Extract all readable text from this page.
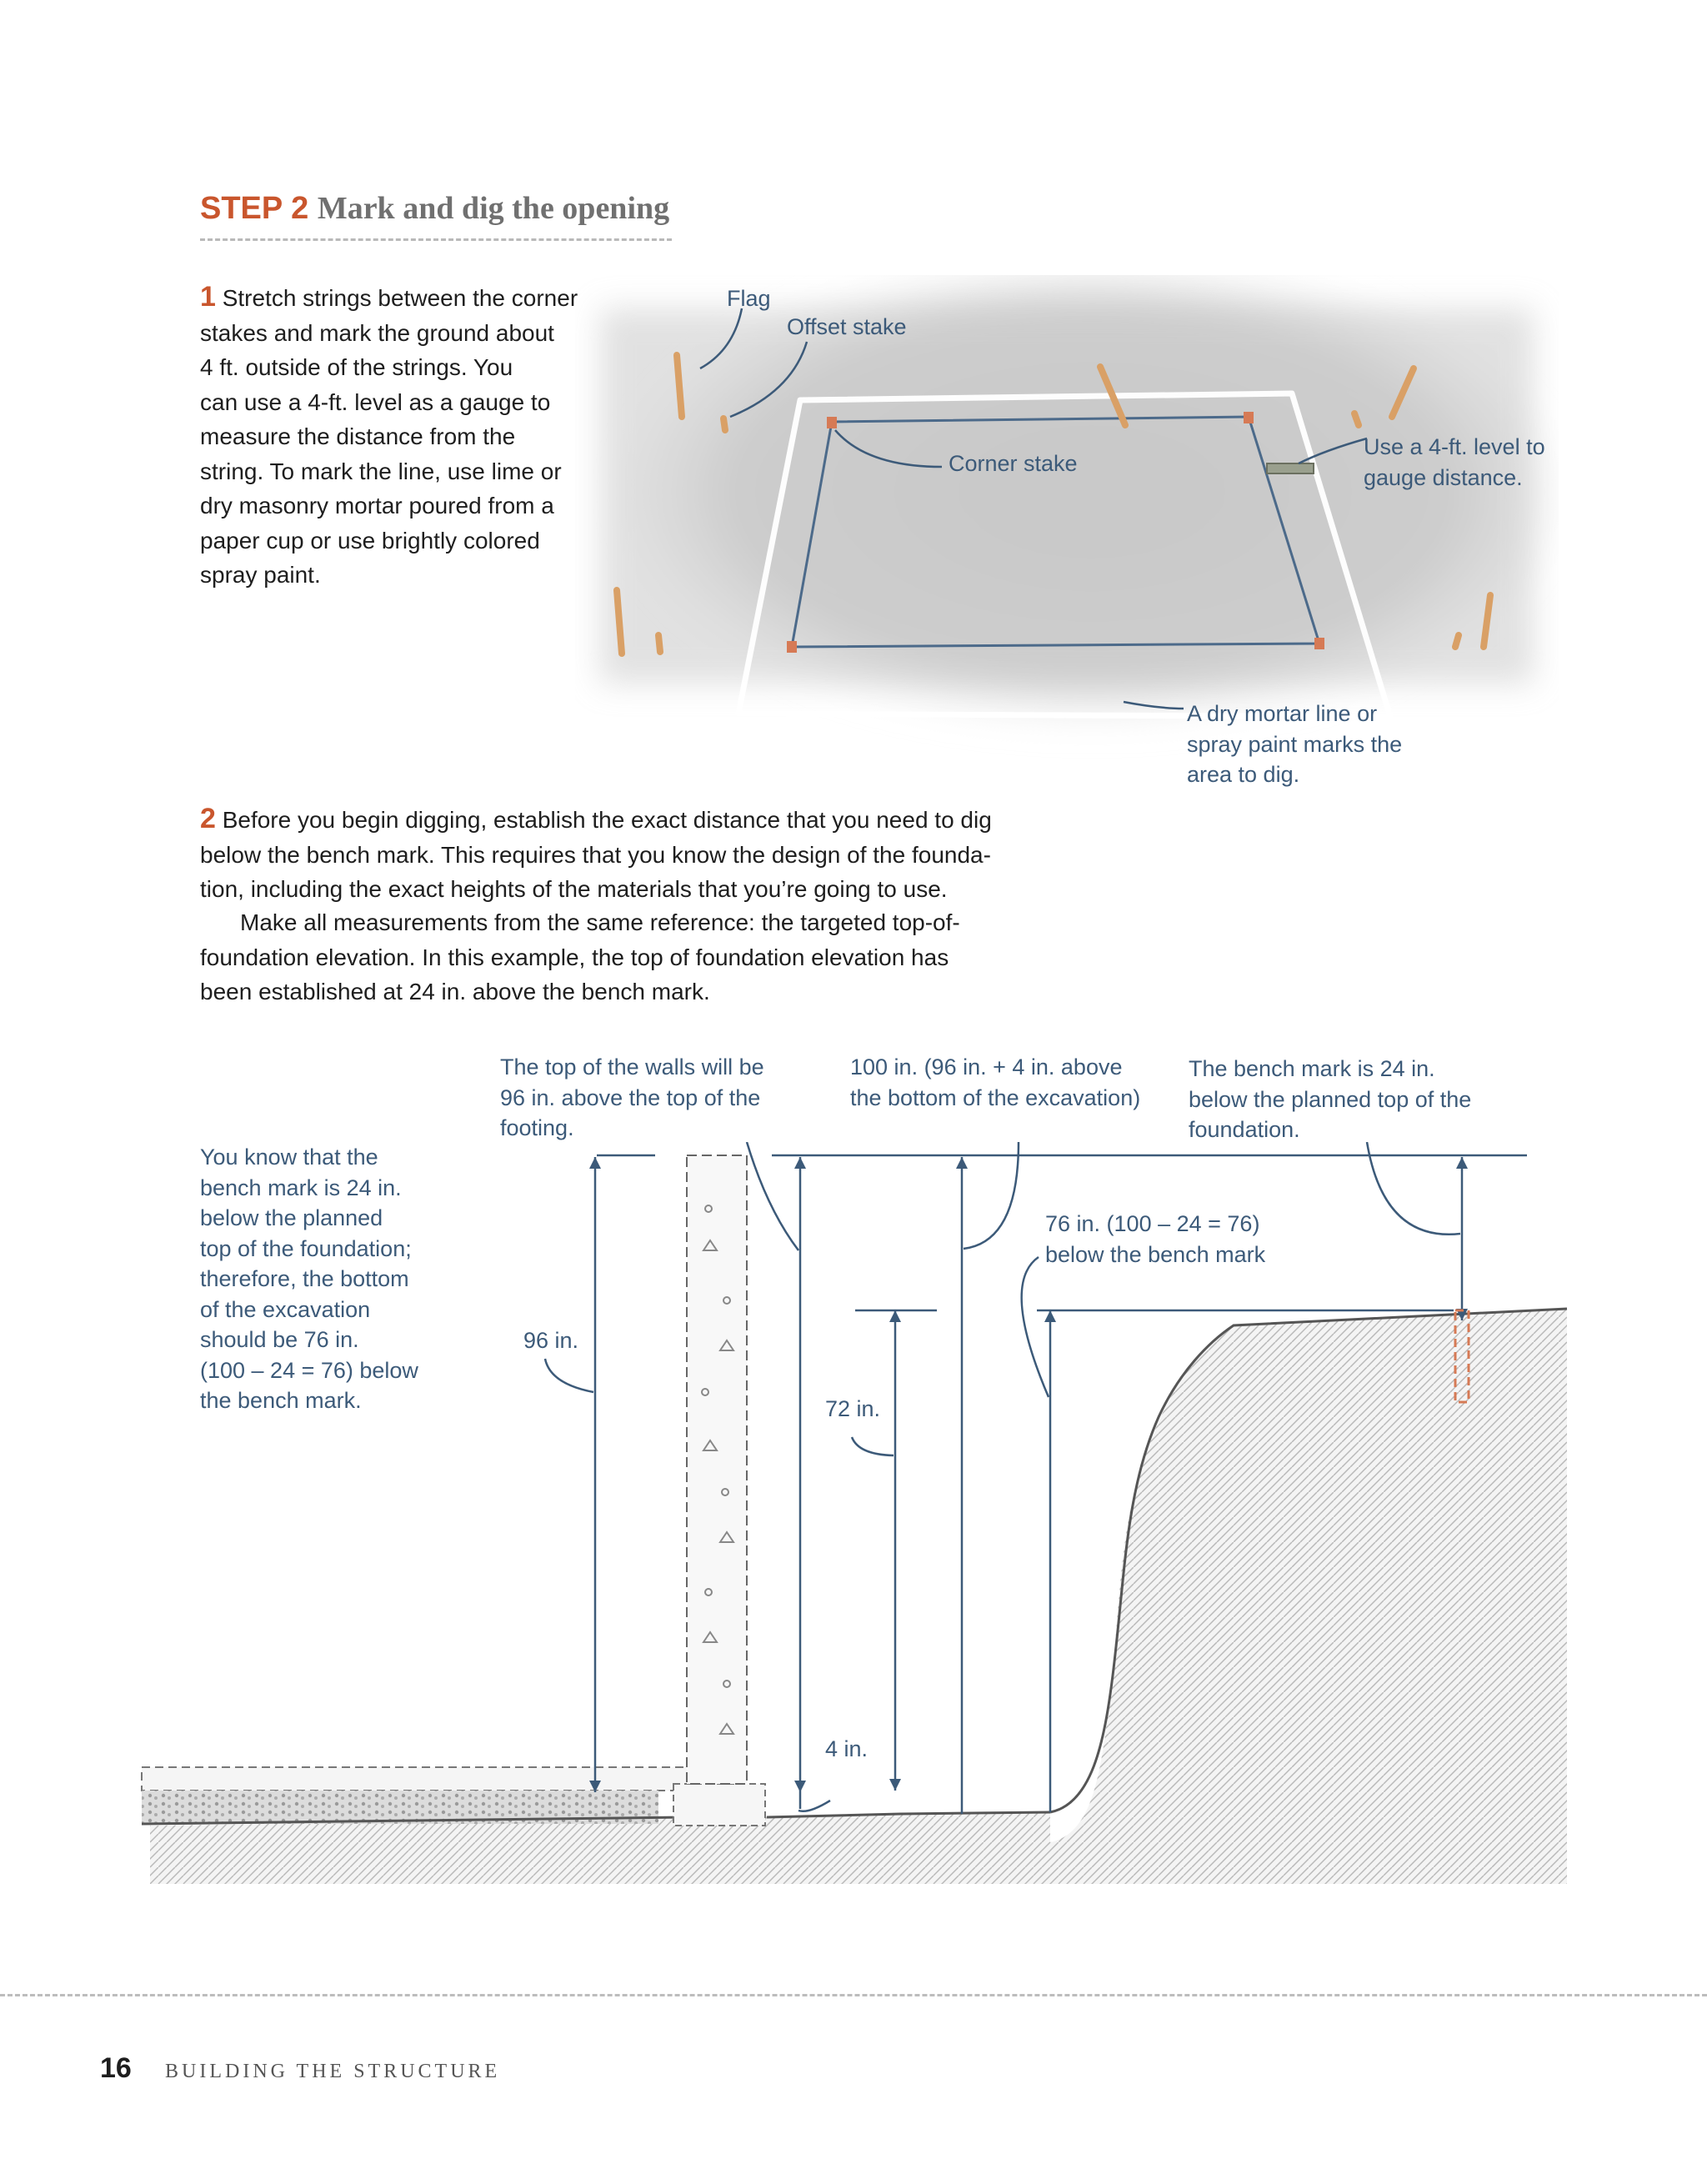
STEP 2 Mark and dig the opening
1 Stretch strings between the corner
stakes and mark the ground about
4 ft. outside of the strings. You
can use a 4-ft. level as a gauge to
measure the distance from the
string. To mark the line, use lime or
dry masonry mortar poured from a
paper cup or use brightly colored
spray paint.
Flag
Offset stake
Corner stake
Use a 4-ft. level to
gauge distance.
A dry mortar line or
spray paint marks the
area to dig.
2 Before you begin digging, establish the exact distance that you need to dig
below the bench mark. This requires that you know the design of the founda-
tion, including the exact heights of the materials that you’re going to use.
Make all measurements from the same reference: the targeted top-of-
foundation elevation. In this example, the top of foundation elevation has
been established at 24 in. above the bench mark.
You know that the
bench mark is 24 in.
below the planned
top of the foundation;
therefore, the bottom
of the excavation
should be 76 in.
(100 – 24 = 76) below
the bench mark.
The top of the walls will be
96 in. above the top of the
footing.
100 in. (96 in. + 4 in. above
the bottom of the excavation)
The bench mark is 24 in.
below the planned top of the
foundation.
76 in. (100 – 24 = 76)
below the bench mark
96 in.
72 in.
4 in.
16 BUILDING THE STRUCTURE
